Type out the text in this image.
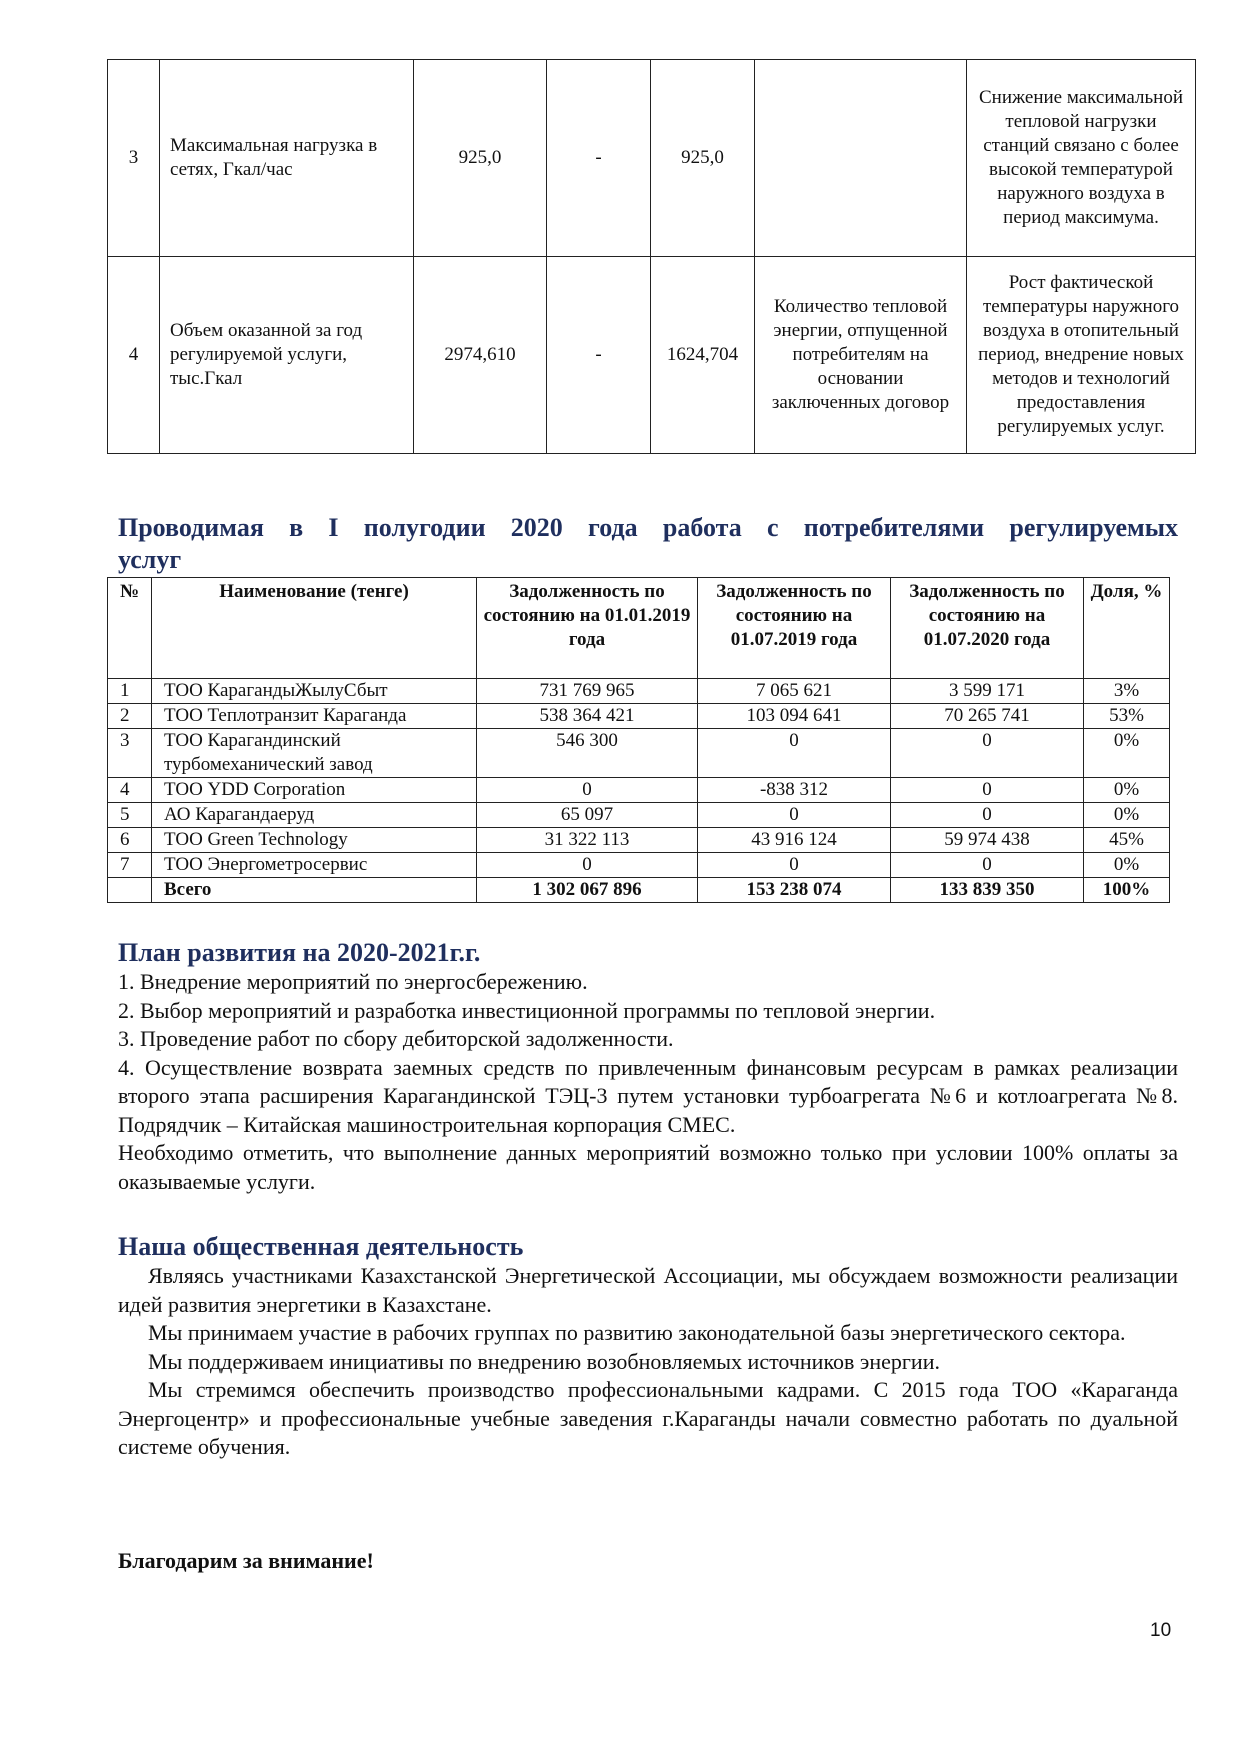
3	Максимальная нагрузка в сетях, Гкал/час	925,0	-	925,0		Снижение максимальной тепловой нагрузки станций связано с более высокой температурой наружного воздуха в период максимума.
4	Объем оказанной за год регулируемой услуги, тыс.Гкал	2974,610	-	1624,704	Количество тепловой энергии, отпущенной потребителям на основании заключенных договор	Рост фактической температуры наружного воздуха в отопительный период, внедрение новых методов и технологий предоставления регулируемых услуг.
Проводимая в I полугодии 2020 года работа с потребителями регулируемых
услуг
№	Наименование (тенге)	Задолженность по состоянию на 01.01.2019 года	Задолженность по состоянию на 01.07.2019 года	Задолженность по состоянию на 01.07.2020 года	Доля, %
1	ТОО КарагандыЖылуСбыт	731 769 965	7 065 621	3 599 171	3%
2	ТОО Теплотранзит Караганда	538 364 421	103 094 641	70 265 741	53%
3	ТОО Карагандинский турбомеханический завод	546 300	0	0	0%
4	ТОО YDD Corporation	0	-838 312	0	0%
5	АО Карагандаеруд	65 097	0	0	0%
6	ТОО Green Technology	31 322 113	43 916 124	59 974 438	45%
7	ТОО Энергометросервис	0	0	0	0%
	Всего	1 302 067 896	153 238 074	133 839 350	100%
План развития на 2020-2021г.г.

1. Внедрение мероприятий по энергосбережению.

2. Выбор мероприятий и разработка инвестиционной программы по тепловой энергии.

3. Проведение работ по сбору дебиторской задолженности.

4. Осуществление возврата заемных средств по привлеченным финансовым ресурсам в рамках реализации второго этапа расширения Карагандинской ТЭЦ-3 путем установки турбоагрегата №6 и котлоагрегата №8. Подрядчик – Китайская машиностроительная корпорация CMEC.

Необходимо отметить, что выполнение данных мероприятий возможно только при условии 100% оплаты за оказываемые услуги.

Наша общественная деятельность

Являясь участниками Казахстанской Энергетической Ассоциации, мы обсуждаем возможности реализации идей развития энергетики в Казахстане.

Мы принимаем участие в рабочих группах по развитию законодательной базы энергетического сектора.

Мы поддерживаем инициативы по внедрению возобновляемых источников энергии.

Мы стремимся обеспечить производство профессиональными кадрами. С 2015 года ТОО «Караганда Энергоцентр» и профессиональные учебные заведения г.Караганды начали совместно работать по дуальной системе обучения.

Благодарим за внимание!
10
